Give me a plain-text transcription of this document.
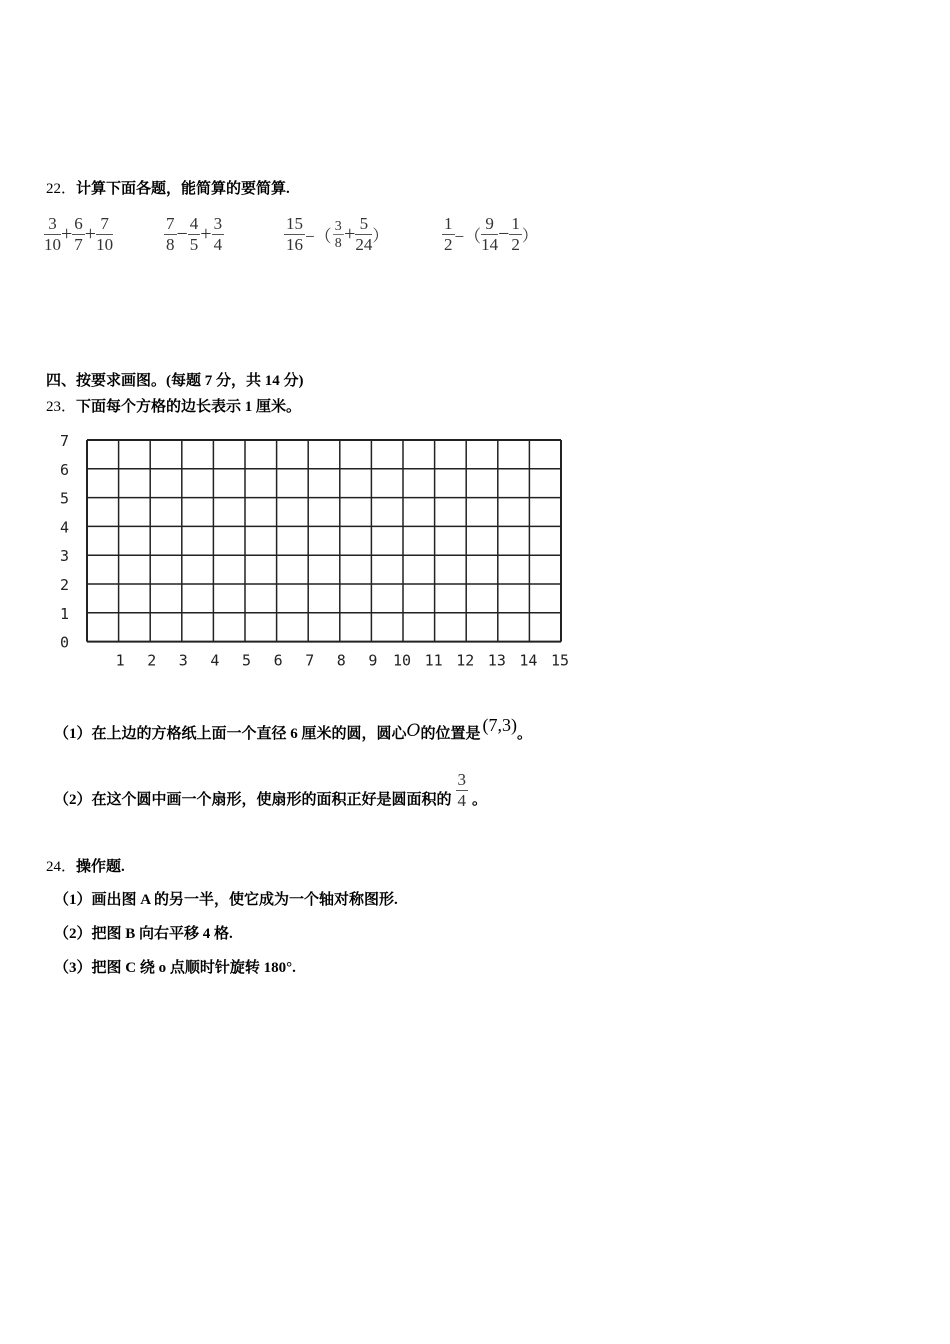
22．计算下面各题，能简算的要简算.
$\frac{3}{10} + \frac{6}{7} + \frac{7}{10}$	$\frac{7}{8} - \frac{4}{5} + \frac{3}{4}$	$\frac{15}{16}$ −（ $\frac{3}{8} + \frac{5}{24}$ ）	$\frac{1}{2}$ −（ $\frac{9}{14} - \frac{1}{2}$ ）
四、按要求画图。(每题 7 分，共 14 分)
23．下面每个方格的边长表示 1 厘米。
7
6
5
4
3
2
1
0
1 2 3 4 5 6 7 8 9 10 11 12 13 14 15
（1）在上边的方格纸上面一个直径 6 厘米的圆，圆心O的位置是 (7,3)。
（2）在这个圆中画一个扇形，使扇形的面积正好是圆面积的 $\frac{3}{4}$ 。
24．操作题.
（1）画出图 A 的另一半，使它成为一个轴对称图形.
（2）把图 B 向右平移 4 格.
（3）把图 C 绕 o 点顺时针旋转 180°.
